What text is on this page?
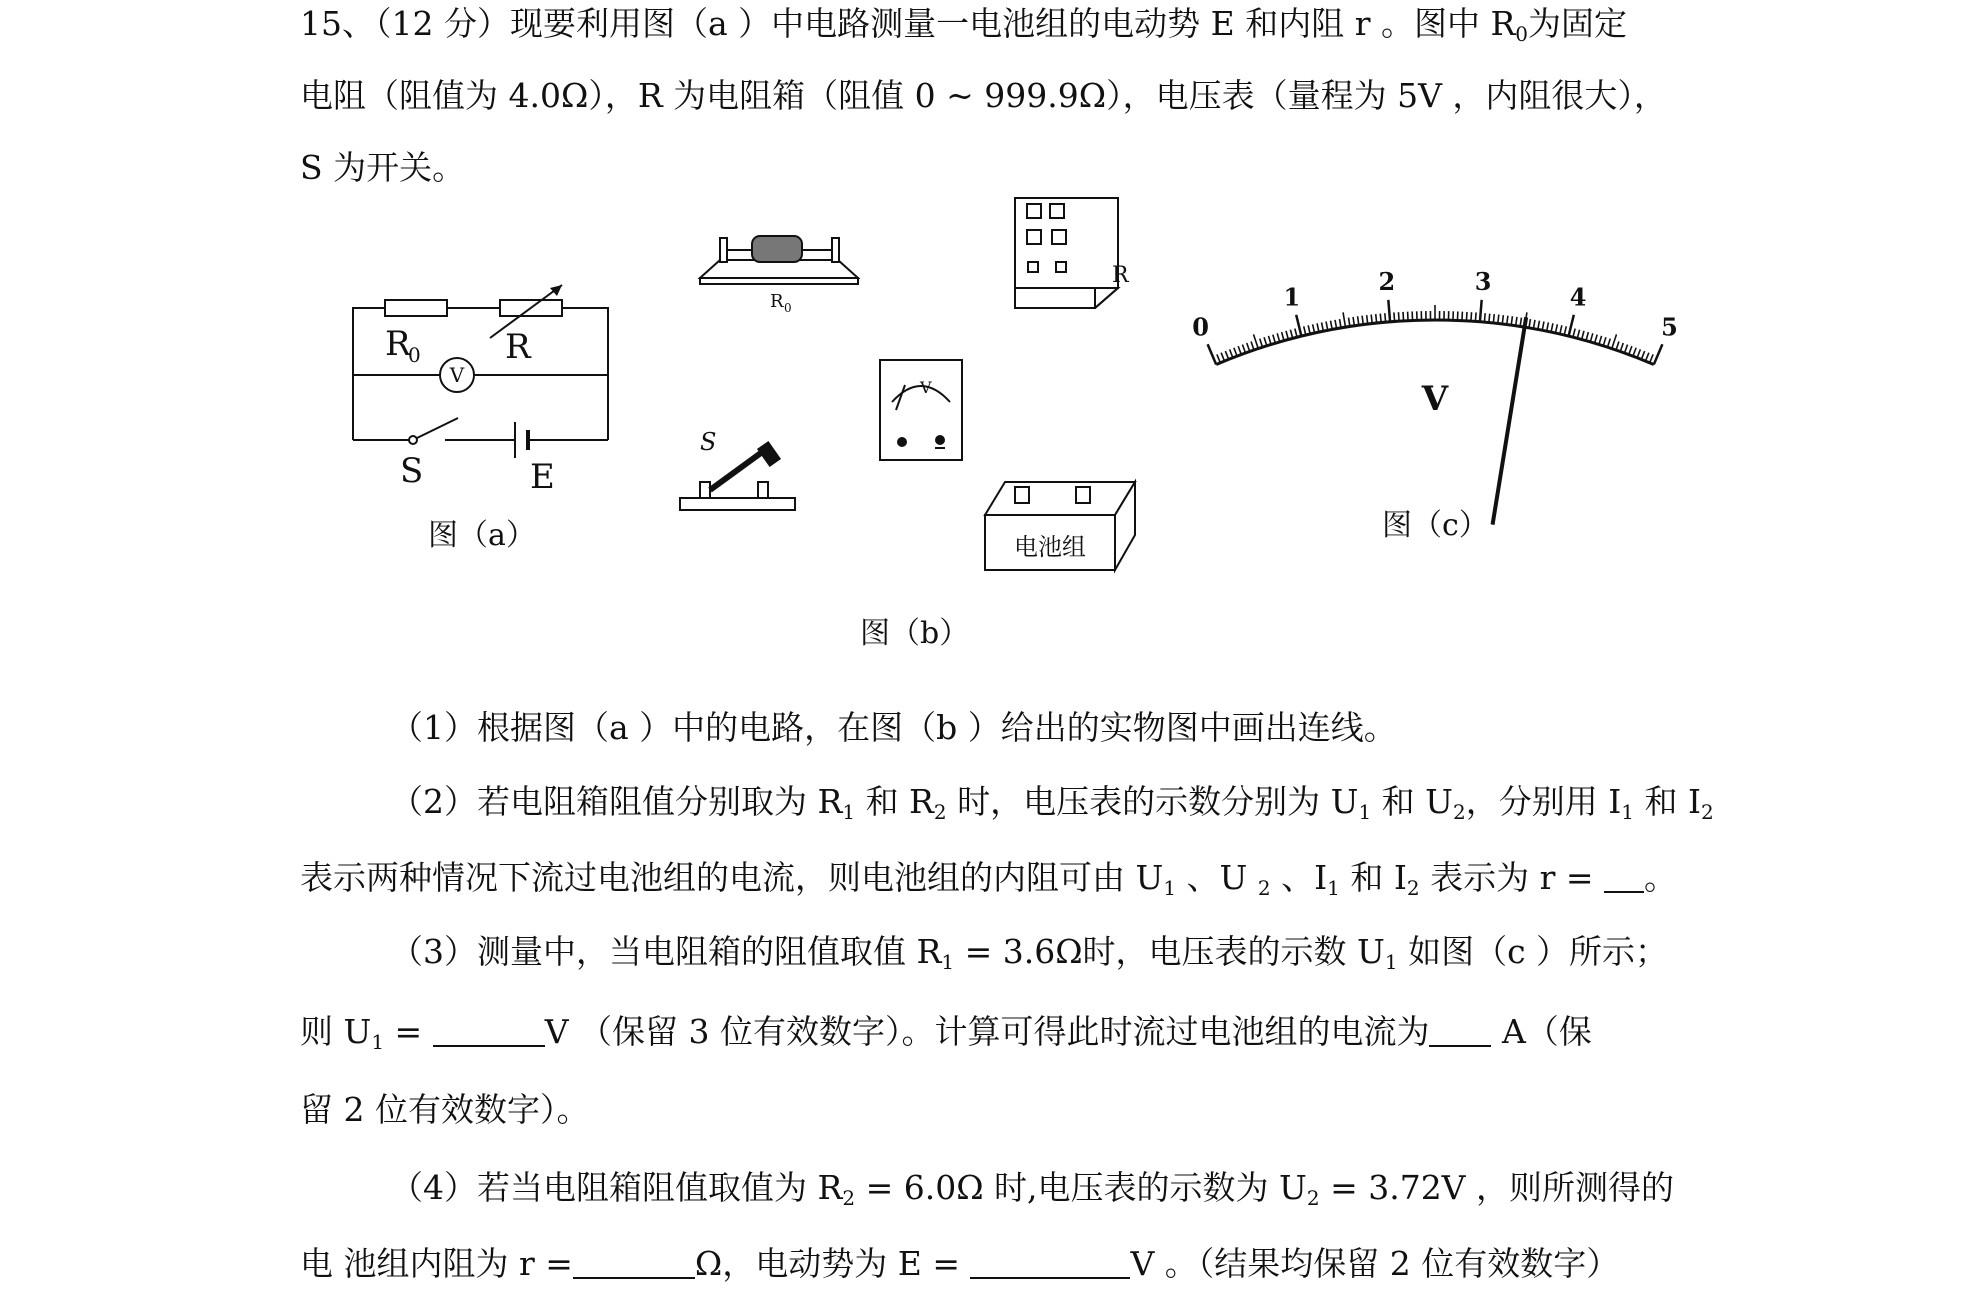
15、（12 分）现要利用图（a ）中电路测量一电池组的电动势 E 和内阻 r 。图中 $R_0$为固定
电阻（阻值为 4.0Ω），R 为电阻箱（阻值 0 ~ 999.9Ω），电压表（量程为 5V ，内阻很大），
S 为开关。
R
0 R
V
S	E
图（a）
R 0
R
V
S
电池组
图（b）
0
1
2	3
4
5
V
图（c）
（1）根据图（a ）中的电路，在图（b ）给出的实物图中画出连线。
（2）若电阻箱阻值分别取为 $R_1$ 和 $R_2$ 时，电压表的示数分别为 $U_1$ 和 $U_2$，分别用 $I_1$ 和 $I_2$
表示两种情况下流过电池组的电流，则电池组的内阻可由 $U_1$ 、U $_2$ 、$I_1$ 和 $I_2$ 表示为 r = 。
（3）测量中，当电阻箱的阻值取值 $R_1 = 3.6\Omega$时，电压表的示数 $U_1$ 如图（c ）所示；
则 $U_1$ =	V （保留 3 位有效数字）。计算可得此时流过电池组的电流为 A（保
留 2 位有效数字）。
（4）若当电阻箱阻值取值为 $R_2 = 6.0\Omega$ 时,电压表的示数为 $U_2 = 3.72V$ ，则所测得的
电 池组内阻为 r =	Ω，电动势为 E =	V 。（结果均保留 2 位有效数字）
